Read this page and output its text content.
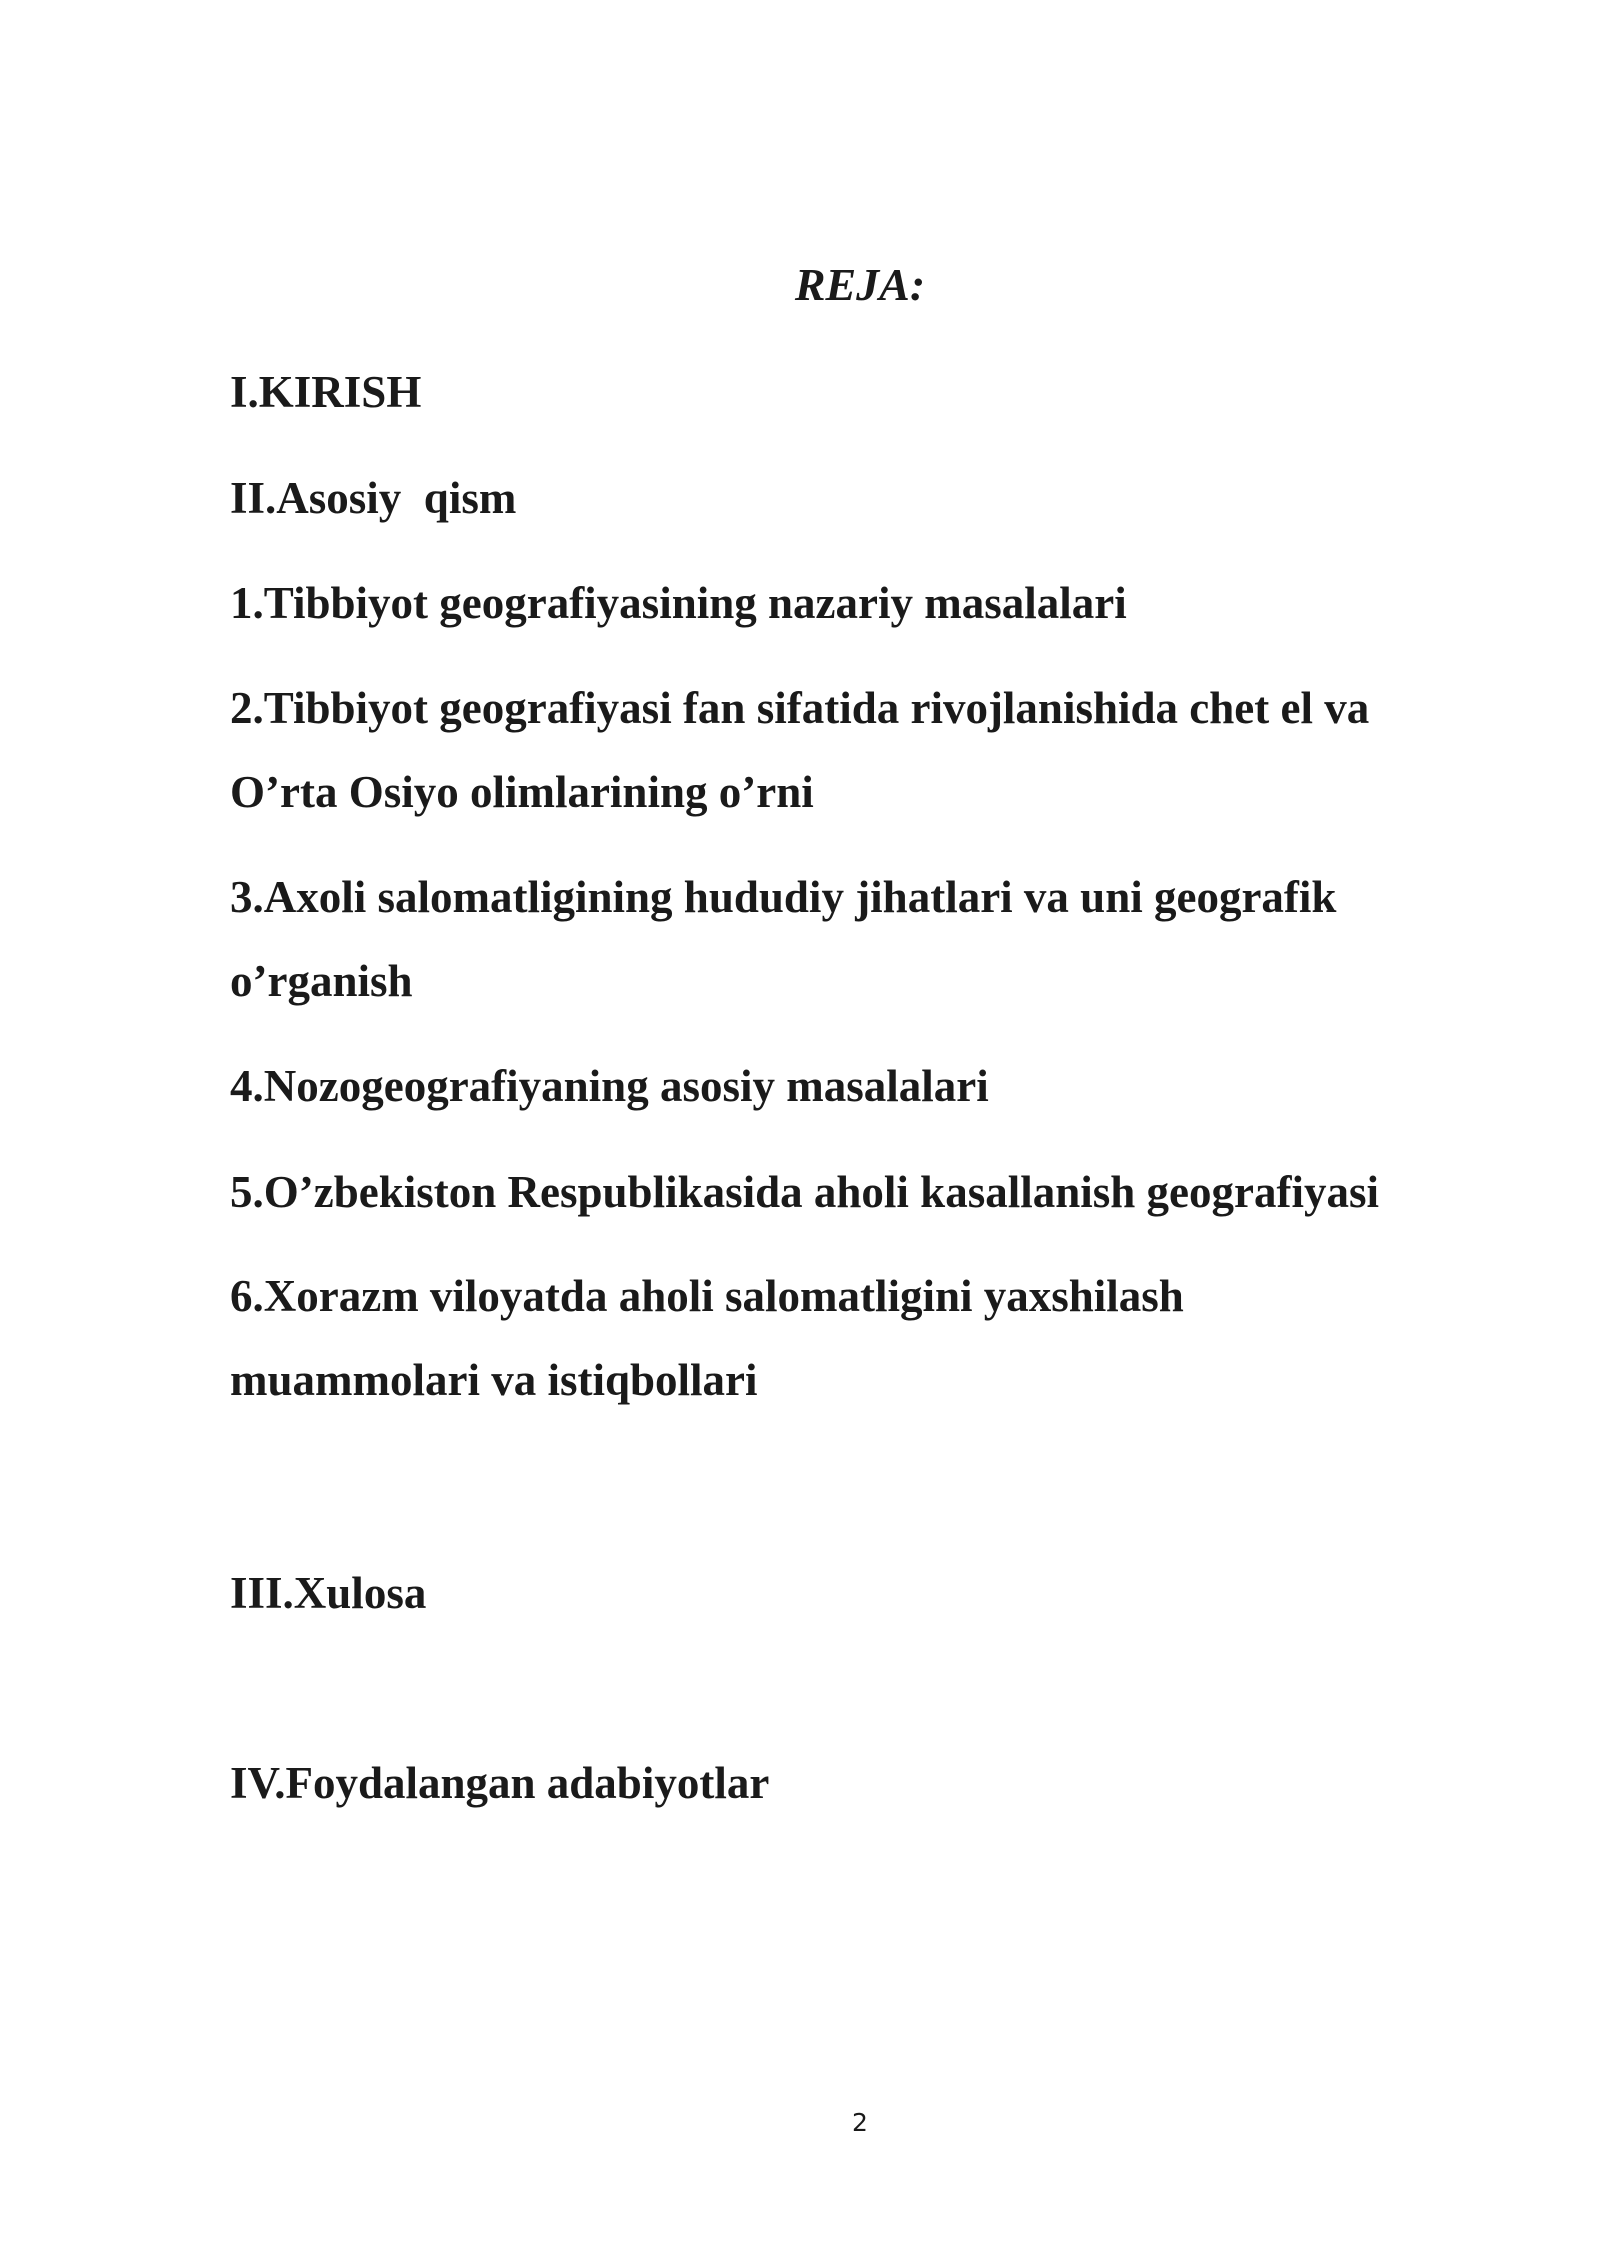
REJA:
I.KIRISH
II.Asosiy  qism
1.Tibbiyot geografiyasining nazariy masalalari
2.Tibbiyot geografiyasi fan sifatida rivojlanishida chet el va
O’rta Osiyo olimlarining o’rni
3.Axoli salomatligining hududiy jihatlari va uni geografik
o’rganish
4.Nozogeografiyaning asosiy masalalari
5.O’zbekiston Respublikasida aholi kasallanish geografiyasi
6.Xorazm viloyatda aholi salomatligini yaxshilash
muammolari va istiqbollari
III.Xulosa
IV.Foydalangan adabiyotlar
2
